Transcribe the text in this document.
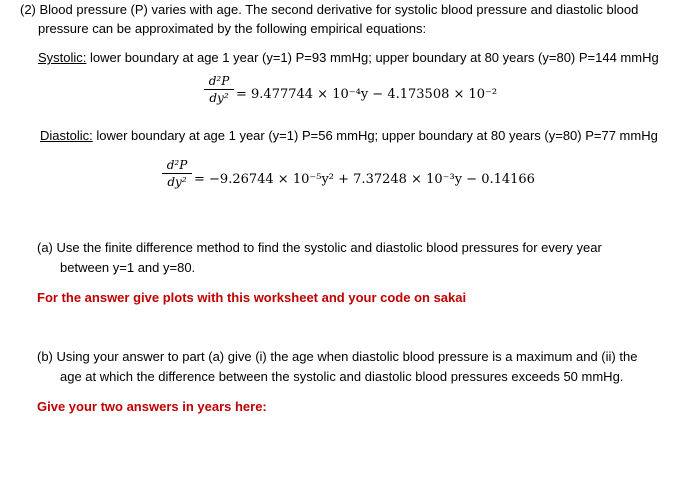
(2) Blood pressure (P) varies with age. The second derivative for systolic blood pressure and diastolic blood
pressure can be approximated by the following empirical equations:
Systolic: lower boundary at age 1 year (y=1) P=93 mmHg; upper boundary at 80 years (y=80) P=144 mmHg
d²P
dy² = 9.477744 × 10⁻⁴y − 4.173508 × 10⁻²
Diastolic: lower boundary at age 1 year (y=1) P=56 mmHg; upper boundary at 80 years (y=80) P=77 mmHg
d²P
dy² = −9.26744 × 10⁻⁵y² + 7.37248 × 10⁻³y − 0.14166
(a) Use the finite difference method to find the systolic and diastolic blood pressures for every year
between y=1 and y=80.
For the answer give plots with this worksheet and your code on sakai
(b) Using your answer to part (a) give (i) the age when diastolic blood pressure is a maximum and (ii) the
age at which the difference between the systolic and diastolic blood pressures exceeds 50 mmHg.
Give your two answers in years here:
